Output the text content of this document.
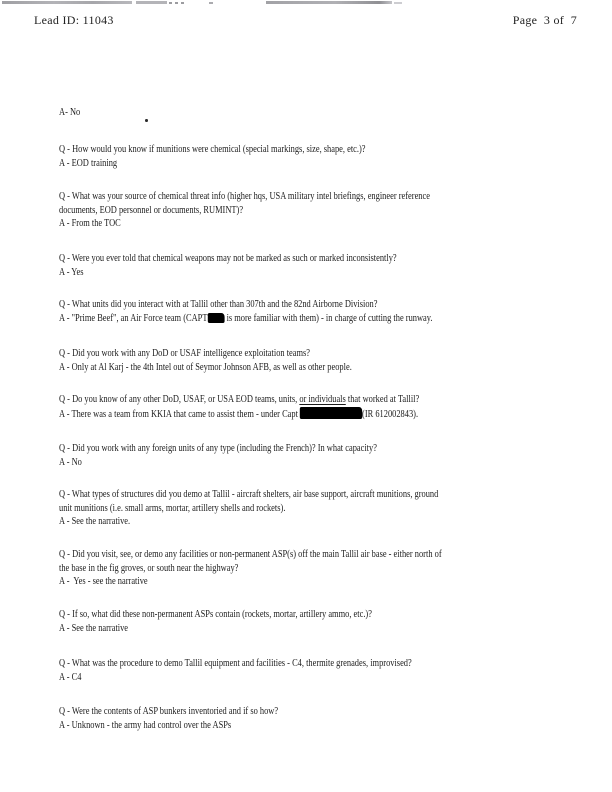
Lead ID: 11043	Page  3 of  7
A- No
Q - How would you know if munitions were chemical (special markings, size, shape, etc.)?
A - EOD training
Q - What was your source of chemical threat info (higher hqs, USA military intel briefings, engineer reference
documents, EOD personnel or documents, RUMINT)?
A - From the TOC
Q - Were you ever told that chemical weapons may not be marked as such or marked inconsistently?
A - Yes
Q - What units did you interact with at Tallil other than 307th and the 82nd Airborne Division?
A - "Prime Beef", an Air Force team (CAPT is more familiar with them) - in charge of cutting the runway.
Q - Did you work with any DoD or USAF intelligence exploitation teams?
A - Only at Al Karj - the 4th Intel out of Seymor Johnson AFB, as well as other people.
Q - Do you know of any other DoD, USAF, or USA EOD teams, units, or individuals that worked at Tallil?
A - There was a team from KKIA that came to assist them - under Capt	(IR 612002843).
Q - Did you work with any foreign units of any type (including the French)? In what capacity?
A - No
Q - What types of structures did you demo at Tallil - aircraft shelters, air base support, aircraft munitions, ground
unit munitions (i.e. small arms, mortar, artillery shells and rockets).
A - See the narrative.
Q - Did you visit, see, or demo any facilities or non-permanent ASP(s) off the main Tallil air base - either north of
the base in the fig groves, or south near the highway?
A -  Yes - see the narrative
Q - If so, what did these non-permanent ASPs contain (rockets, mortar, artillery ammo, etc.)?
A - See the narrative
Q - What was the procedure to demo Tallil equipment and facilities - C4, thermite grenades, improvised?
A - C4
Q - Were the contents of ASP bunkers inventoried and if so how?
A - Unknown - the army had control over the ASPs
